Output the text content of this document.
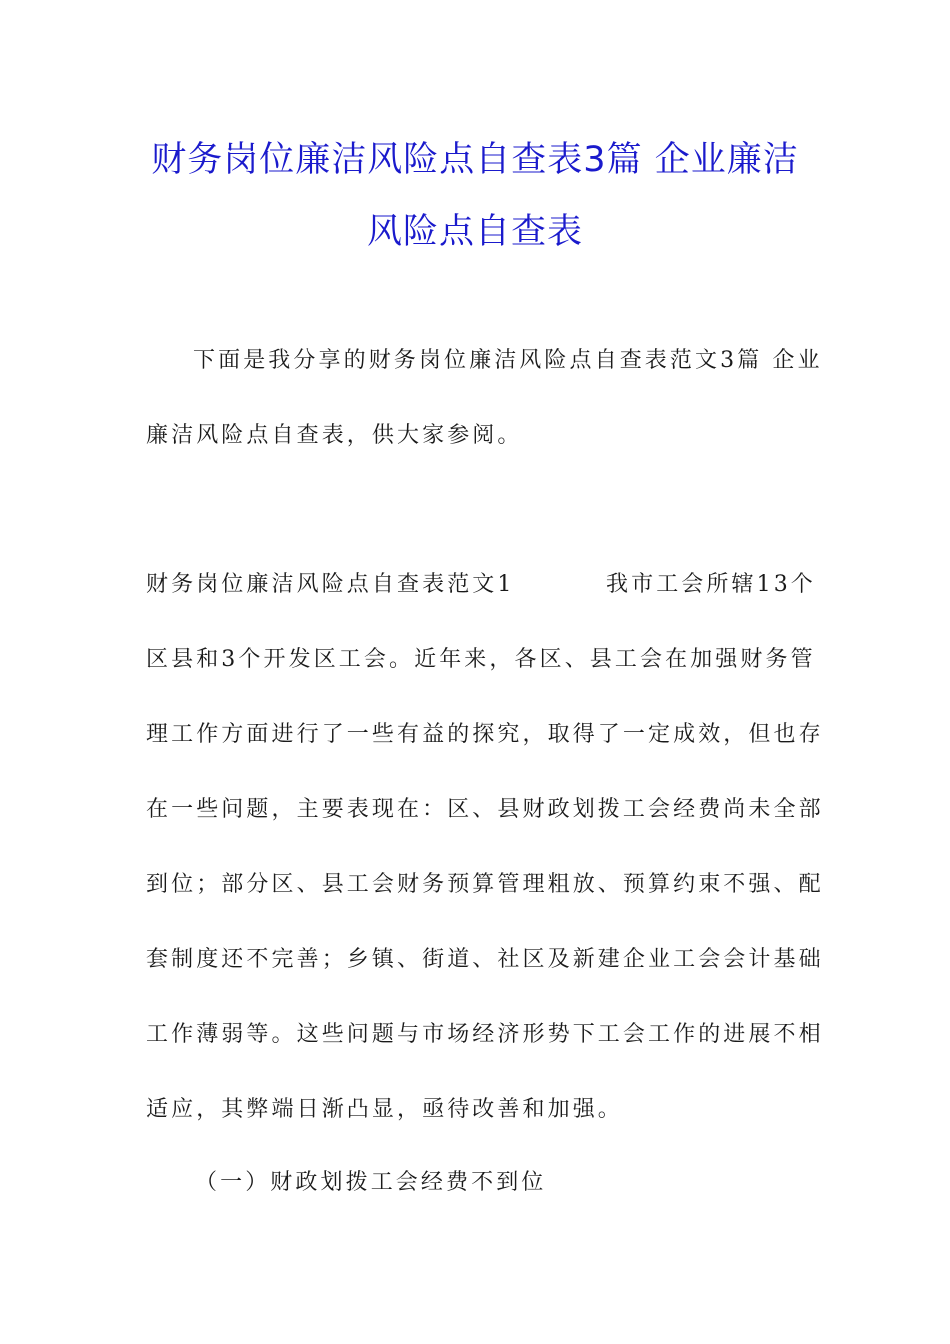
财务岗位廉洁风险点自查表3篇 企业廉洁
风险点自查表
下面是我分享的财务岗位廉洁风险点自查表范文3篇 企业
廉洁风险点自查表，供大家参阅。
财务岗位廉洁风险点自查表范文1	我市工会所辖13个
区县和3个开发区工会。近年来，各区、县工会在加强财务管
理工作方面进行了一些有益的探究，取得了一定成效，但也存
在一些问题，主要表现在：区、县财政划拨工会经费尚未全部
到位；部分区、县工会财务预算管理粗放、预算约束不强、配
套制度还不完善；乡镇、街道、社区及新建企业工会会计基础
工作薄弱等。这些问题与市场经济形势下工会工作的进展不相
适应，其弊端日渐凸显，亟待改善和加强。
（一）财政划拨工会经费不到位
